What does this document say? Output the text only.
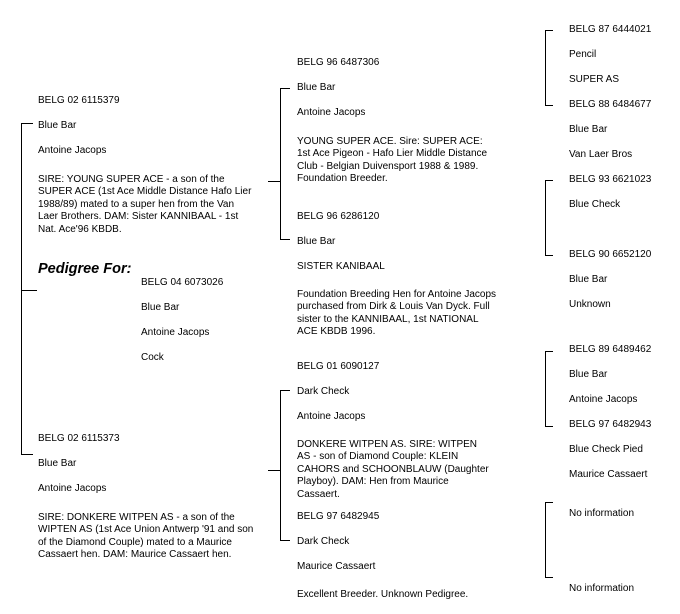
Pedigree For:

BELG 04 6073026

Blue Bar

Antoine Jacops

Cock

BELG 02 6115379

Blue Bar

Antoine Jacops

SIRE: YOUNG SUPER ACE - a son of the
SUPER ACE (1st Ace Middle Distance Hafo Lier
1988/89) mated to a super hen from the Van
Laer Brothers. DAM: Sister KANNIBAAL - 1st
Nat. Ace'96 KBDB.

BELG 02 6115373

Blue Bar

Antoine Jacops

SIRE: DONKERE WITPEN AS - a son of the
WIPTEN AS (1st Ace Union Antwerp '91 and son
of the Diamond Couple) mated to a Maurice
Cassaert hen. DAM: Maurice Cassaert hen.

BELG 96 6487306

Blue Bar

Antoine Jacops

YOUNG SUPER ACE. Sire: SUPER ACE:
1st Ace Pigeon - Hafo Lier Middle Distance
Club - Belgian Duivensport 1988 & 1989.
Foundation Breeder.

BELG 96 6286120

Blue Bar

SISTER KANIBAAL

Foundation Breeding Hen for Antoine Jacops
purchased from Dirk & Louis Van Dyck. Full
sister to the KANNIBAAL, 1st NATIONAL
ACE KBDB 1996.

BELG 01 6090127

Dark Check

Antoine Jacops

DONKERE WITPEN AS. SIRE: WITPEN
AS - son of Diamond Couple: KLEIN
CAHORS and SCHOONBLAUW (Daughter
Playboy). DAM: Hen from Maurice
Cassaert.

BELG 97 6482945

Dark Check

Maurice Cassaert

Excellent Breeder. Unknown Pedigree.

BELG 87 6444021

Pencil

SUPER AS

BELG 88 6484677

Blue Bar

Van Laer Bros

BELG 93 6621023

Blue Check

BELG 90 6652120

Blue Bar

Unknown

BELG 89 6489462

Blue Bar

Antoine Jacops

BELG 97 6482943

Blue Check Pied

Maurice Cassaert

No information

No information
